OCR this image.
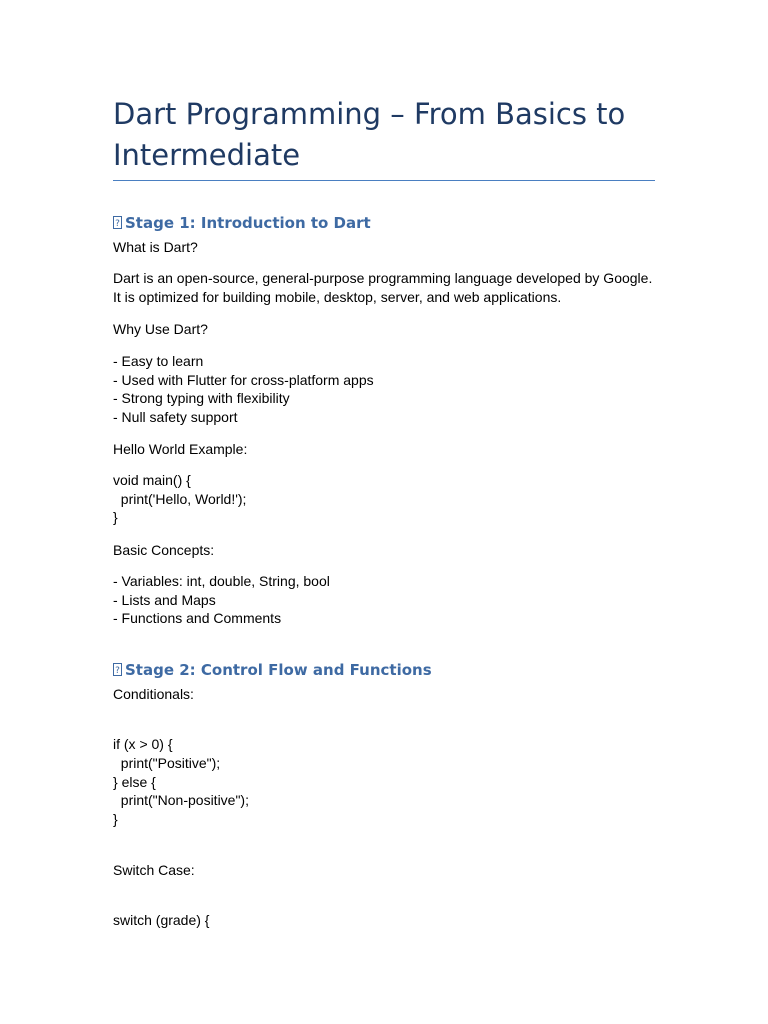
Dart Programming – From Basics to Intermediate
?Stage 1: Introduction to Dart

What is Dart?

Dart is an open-source, general-purpose programming language developed by Google.

It is optimized for building mobile, desktop, server, and web applications.

Why Use Dart?

- Easy to learn

- Used with Flutter for cross-platform apps

- Strong typing with flexibility

- Null safety support

Hello World Example:

void main() {

print('Hello, World!');

}

Basic Concepts:

- Variables: int, double, String, bool

- Lists and Maps

- Functions and Comments

?Stage 2: Control Flow and Functions

Conditionals:

if (x > 0) {

print("Positive");

} else {

print("Non-positive");

}

Switch Case:

switch (grade) {
